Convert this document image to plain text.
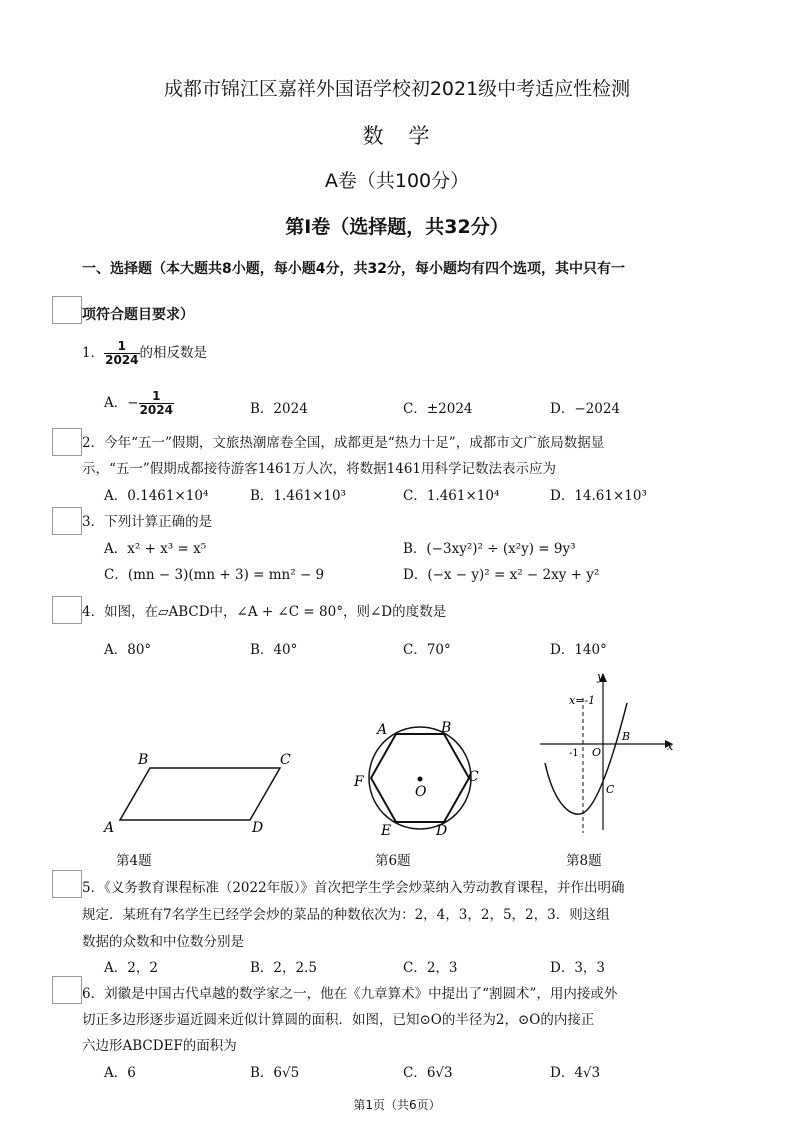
成都市锦江区嘉祥外国语学校初2021级中考适应性检测
数　学
A卷（共100分）
第Ⅰ卷（选择题，共32分）
一、选择题（本大题共8小题，每小题4分，共32分，每小题均有四个选项，其中只有一
项符合题目要求）
1． $\frac{1}{2024}$ 的相反数是
A．− $\frac{1}{2024}$	B．2024	C．±2024	D．−2024
2．今年“五一”假期，文旅热潮席卷全国，成都更是“热力十足”，成都市文广旅局数据显
示，“五一”假期成都接待游客1461万人次，将数据1461用科学记数法表示应为
A．0.1461×10⁴	B．1.461×10³	C．1.461×10⁴	D．14.61×10³
3．下列计算正确的是
A．x² + x³ = x⁵	B．(−3xy²)² ÷ (x²y) = 9y³
C．(mn − 3)(mn + 3) = mn² − 9	D．(−x − y)² = x² − 2xy + y²
4．如图，在▱ABCD中，∠A + ∠C = 80°，则∠D的度数是
A．80°	B．40°	C．70°	D．140°
B	C
A	D
第4题
A	B
C
D
E
F
O
第6题
y
x
x=-1
-1 O
B
C
第8题
5．《义务教育课程标准（2022年版）》首次把学生学会炒菜纳入劳动教育课程，并作出明确
规定．某班有7名学生已经学会炒的菜品的种数依次为：2，4，3，2，5，2，3．则这组
数据的众数和中位数分别是
A．2，2	B．2，2.5	C．2，3	D．3，3
6．刘徽是中国古代卓越的数学家之一，他在《九章算术》中提出了“割圆术”，用内接或外
切正多边形逐步逼近圆来近似计算圆的面积．如图，已知⊙O的半径为2，⊙O的内接正
六边形ABCDEF的面积为
A．6	B．6√5	C．6√3	D．4√3
第1页（共6页）
